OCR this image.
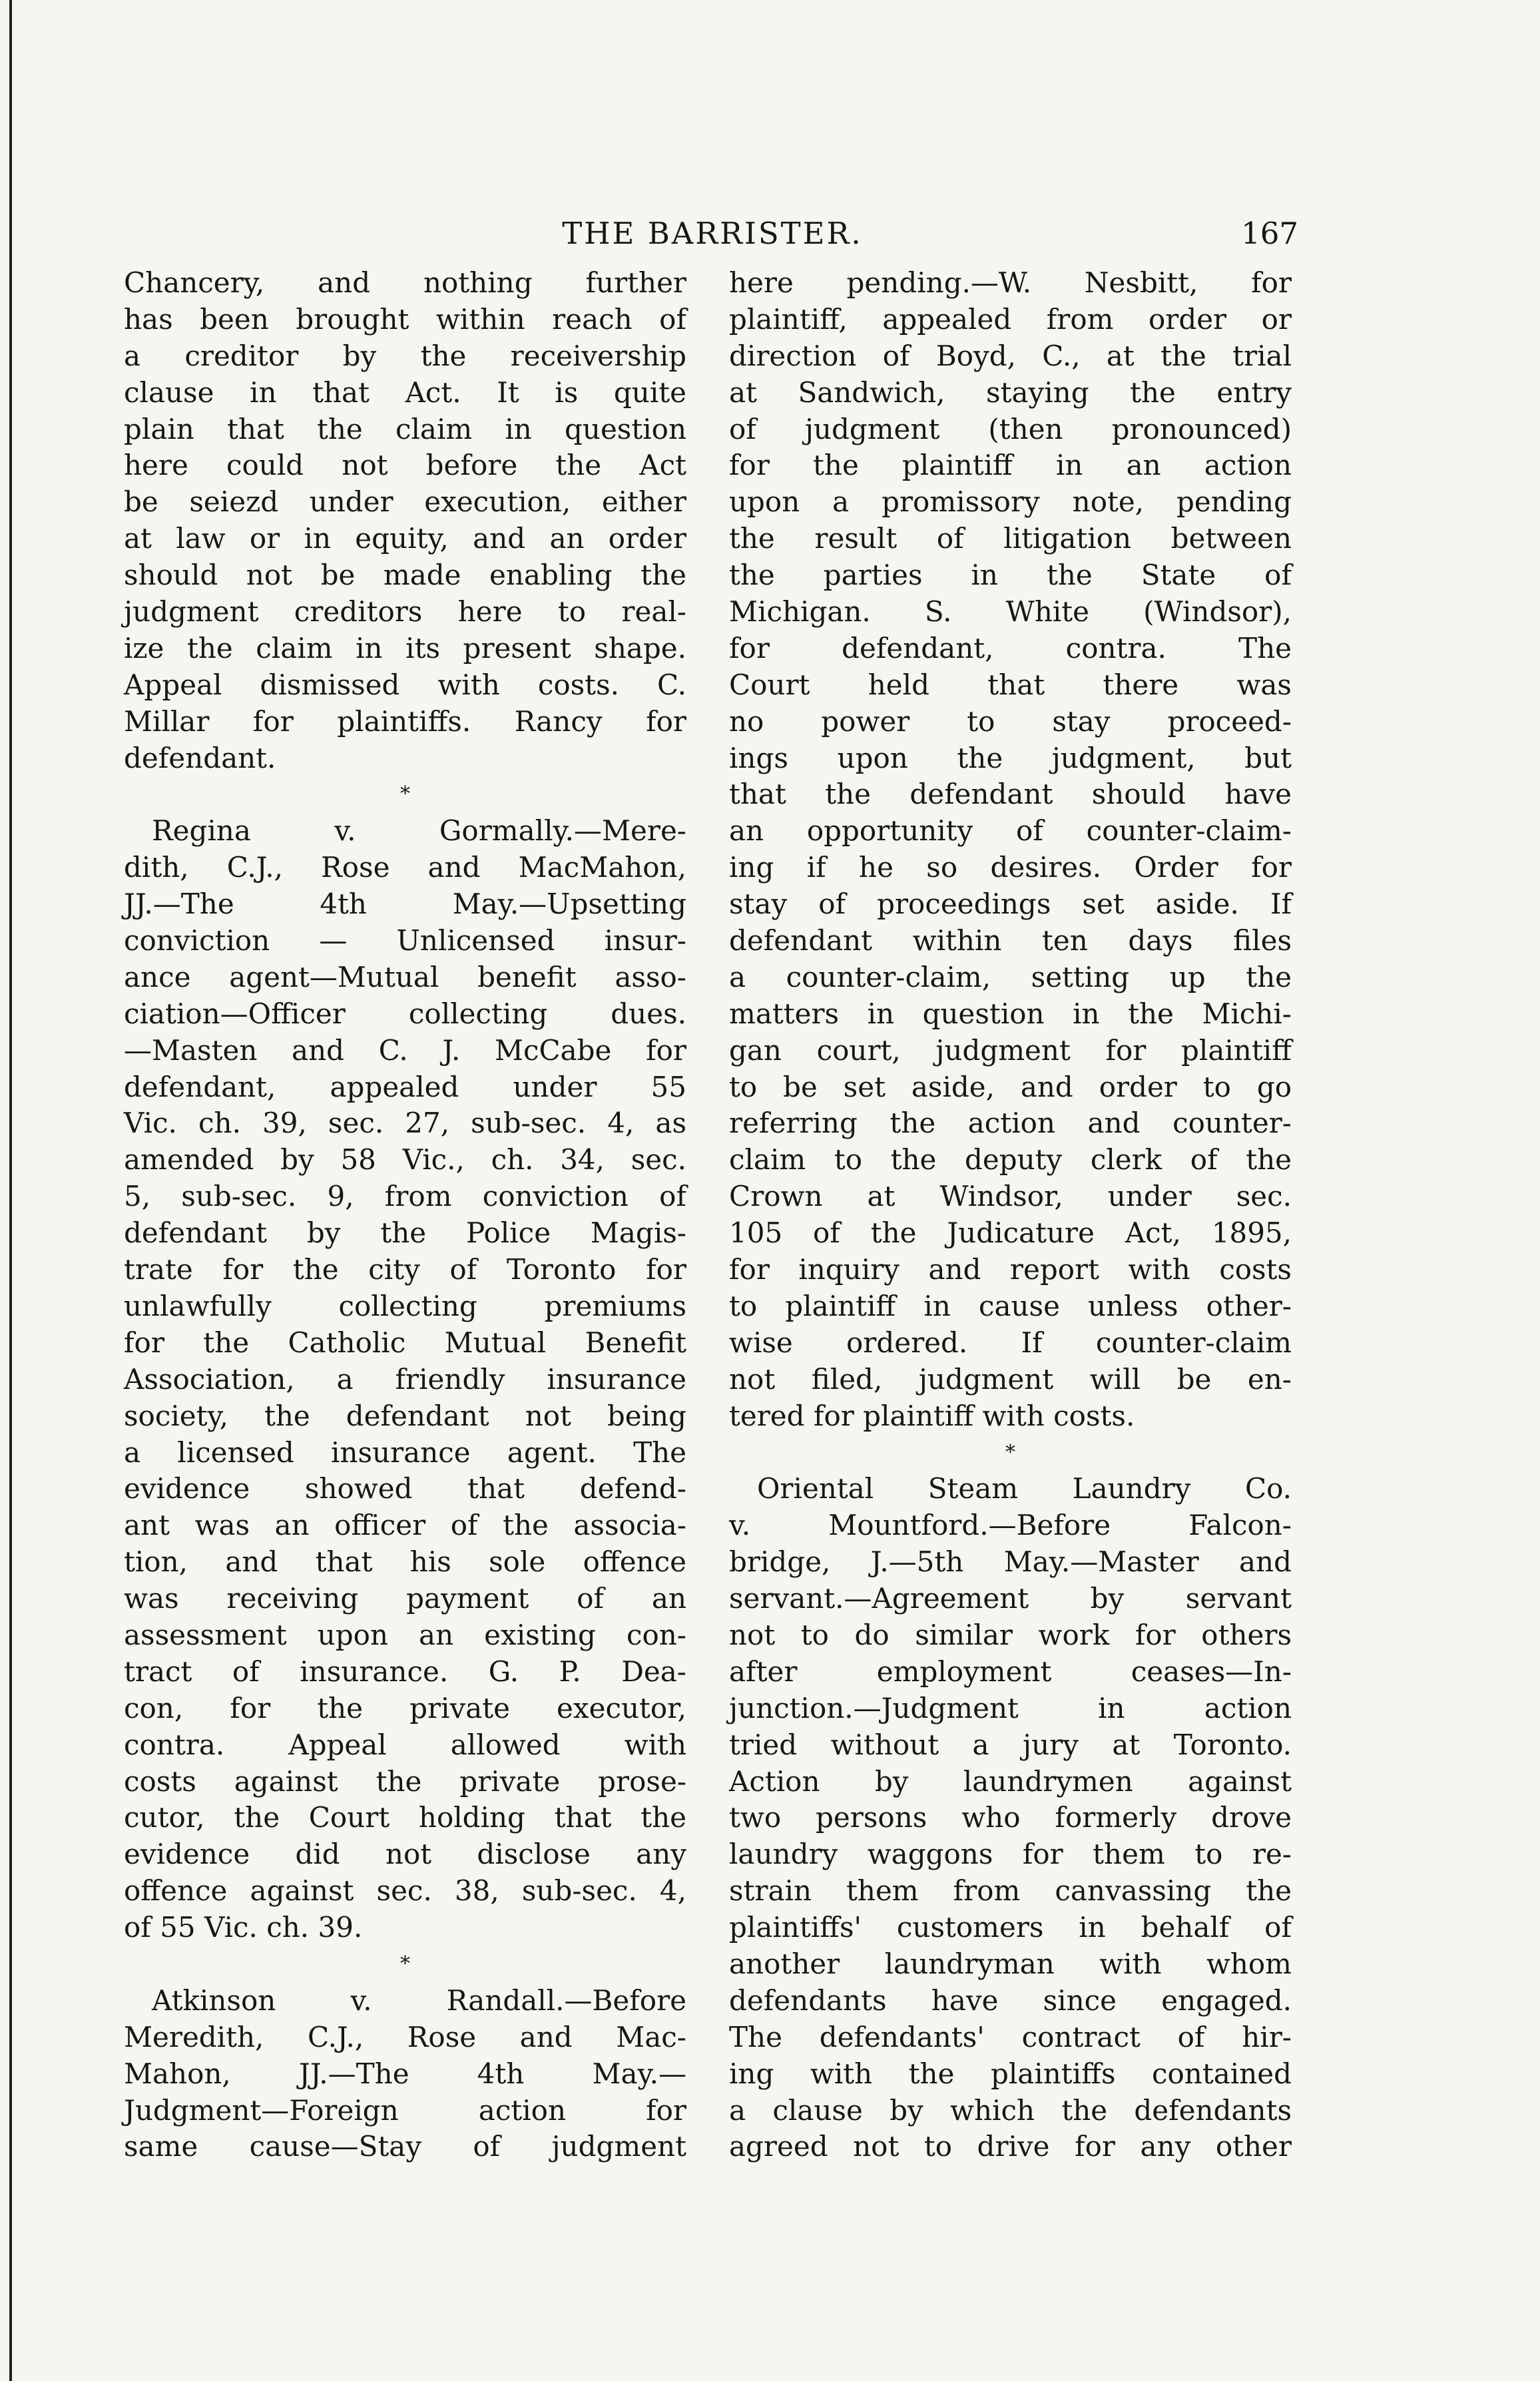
THE BARRISTER.	167
Chancery, and nothing further
has been brought within reach of
a creditor by the receivership
clause in that Act. It is quite
plain that the claim in question
here could not before the Act
be seiezd under execution, either
at law or in equity, and an order
should not be made enabling the
judgment creditors here to real-
ize the claim in its present shape.
Appeal dismissed with costs. C.
Millar for plaintiffs. Rancy for
defendant.
*
Regina v. Gormally.—Mere-
dith, C.J., Rose and MacMahon,
JJ.—The 4th May.—Upsetting
conviction — Unlicensed insur-
ance agent—Mutual benefit asso-
ciation—Officer collecting dues.
—Masten and C. J. McCabe for
defendant, appealed under 55
Vic. ch. 39, sec. 27, sub-sec. 4, as
amended by 58 Vic., ch. 34, sec.
5, sub-sec. 9, from conviction of
defendant by the Police Magis-
trate for the city of Toronto for
unlawfully collecting premiums
for the Catholic Mutual Benefit
Association, a friendly insurance
society, the defendant not being
a licensed insurance agent. The
evidence showed that defend-
ant was an officer of the associa-
tion, and that his sole offence
was receiving payment of an
assessment upon an existing con-
tract of insurance. G. P. Dea-
con, for the private executor,
contra. Appeal allowed with
costs against the private prose-
cutor, the Court holding that the
evidence did not disclose any
offence against sec. 38, sub-sec. 4,
of 55 Vic. ch. 39.
*
Atkinson v. Randall.—Before
Meredith, C.J., Rose and Mac-
Mahon, JJ.—The 4th May.—
Judgment—Foreign action for
same cause—Stay of judgment
here pending.—W. Nesbitt, for
plaintiff, appealed from order or
direction of Boyd, C., at the trial
at Sandwich, staying the entry
of judgment (then pronounced)
for the plaintiff in an action
upon a promissory note, pending
the result of litigation between
the parties in the State of
Michigan. S. White (Windsor),
for defendant, contra. The
Court held that there was
no power to stay proceed-
ings upon the judgment, but
that the defendant should have
an opportunity of counter-claim-
ing if he so desires. Order for
stay of proceedings set aside. If
defendant within ten days files
a counter-claim, setting up the
matters in question in the Michi-
gan court, judgment for plaintiff
to be set aside, and order to go
referring the action and counter-
claim to the deputy clerk of the
Crown at Windsor, under sec.
105 of the Judicature Act, 1895,
for inquiry and report with costs
to plaintiff in cause unless other-
wise ordered. If counter-claim
not filed, judgment will be en-
tered for plaintiff with costs.
*
Oriental Steam Laundry Co.
v. Mountford.—Before Falcon-
bridge, J.—5th May.—Master and
servant.—Agreement by servant
not to do similar work for others
after employment ceases—In-
junction.—Judgment in action
tried without a jury at Toronto.
Action by laundrymen against
two persons who formerly drove
laundry waggons for them to re-
strain them from canvassing the
plaintiffs' customers in behalf of
another laundryman with whom
defendants have since engaged.
The defendants' contract of hir-
ing with the plaintiffs contained
a clause by which the defendants
agreed not to drive for any other
